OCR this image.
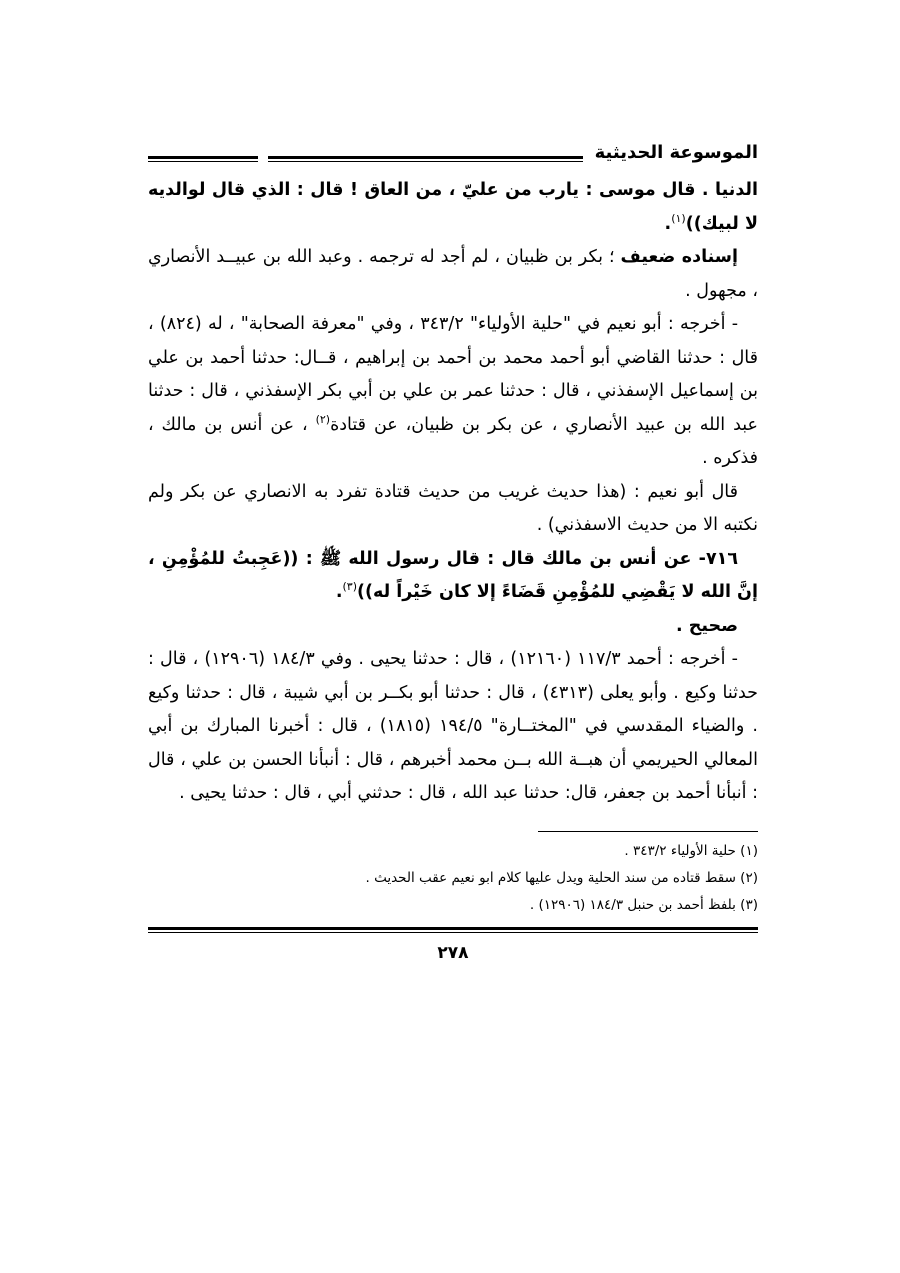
الموسوعة الحديثية

الدنيا . قال موسى : يارب من عليّ ، من العاق ! قال : الذي قال لوالديه لا لبيك))$^{(١)}$.

إسناده ضعيف ؛ بكر بن ظبيان ، لم أجد له ترجمه . وعبد الله بن عبيــد الأنصاري ، مجهول .

- أخرجه : أبو نعيم في "حلية الأولياء" ٣٤٣/٢ ، وفي "معرفة الصحابة" ، له (٨٢٤) ، قال : حدثنا القاضي أبو أحمد محمد بن أحمد بن إبراهيم ، قــال: حدثنا أحمد بن علي بن إسماعيل الإسفذني ، قال : حدثنا عمر بن علي بن أبي بكر الإسفذني ، قال : حدثنا عبد الله بن عبيد الأنصاري ، عن بكر بن ظبيان، عن قتادة$^{(٢)}$ ، عن أنس بن مالك ، فذكره .

قال أبو نعيم : (هذا حديث غريب من حديث قتادة تفرد به الانصاري عن بكر ولم نكتبه الا من حديث الاسفذني) .

٧١٦- عن أنس بن مالك قال : قال رسول الله ﷺ : ((عَجِبتُ للمُؤْمِنِ ، إنَّ الله لا يَقْضِي للمُؤْمِنِ قَضَاءً إلا كان خَيْراً له))$^{(٣)}$.

صحيح .

- أخرجه : أحمد ١١٧/٣ (١٢١٦٠) ، قال : حدثنا يحيى . وفي ١٨٤/٣ (١٢٩٠٦) ، قال : حدثنا وكيع . وأبو يعلى (٤٣١٣) ، قال : حدثنا أبو بكــر بن أبي شيبة ، قال : حدثنا وكيع . والضياء المقدسي في "المختــارة" ١٩٤/٥ (١٨١٥) ، قال : أخبرنا المبارك بن أبي المعالي الحيريمي أن هبــة الله بــن محمد أخبرهم ، قال : أنبأنا الحسن بن علي ، قال : أنبأنا أحمد بن جعفر، قال: حدثنا عبد الله ، قال : حدثني أبي ، قال : حدثنا يحيى .

(١) حلية الأولياء ٣٤٣/٢ .

(٢) سقط قتاده من سند الحلية ويدل عليها كلام ابو نعيم عقب الحديث .

(٣) بلفظ أحمد بن حنبل ١٨٤/٣ (١٢٩٠٦) .

٢٧٨
